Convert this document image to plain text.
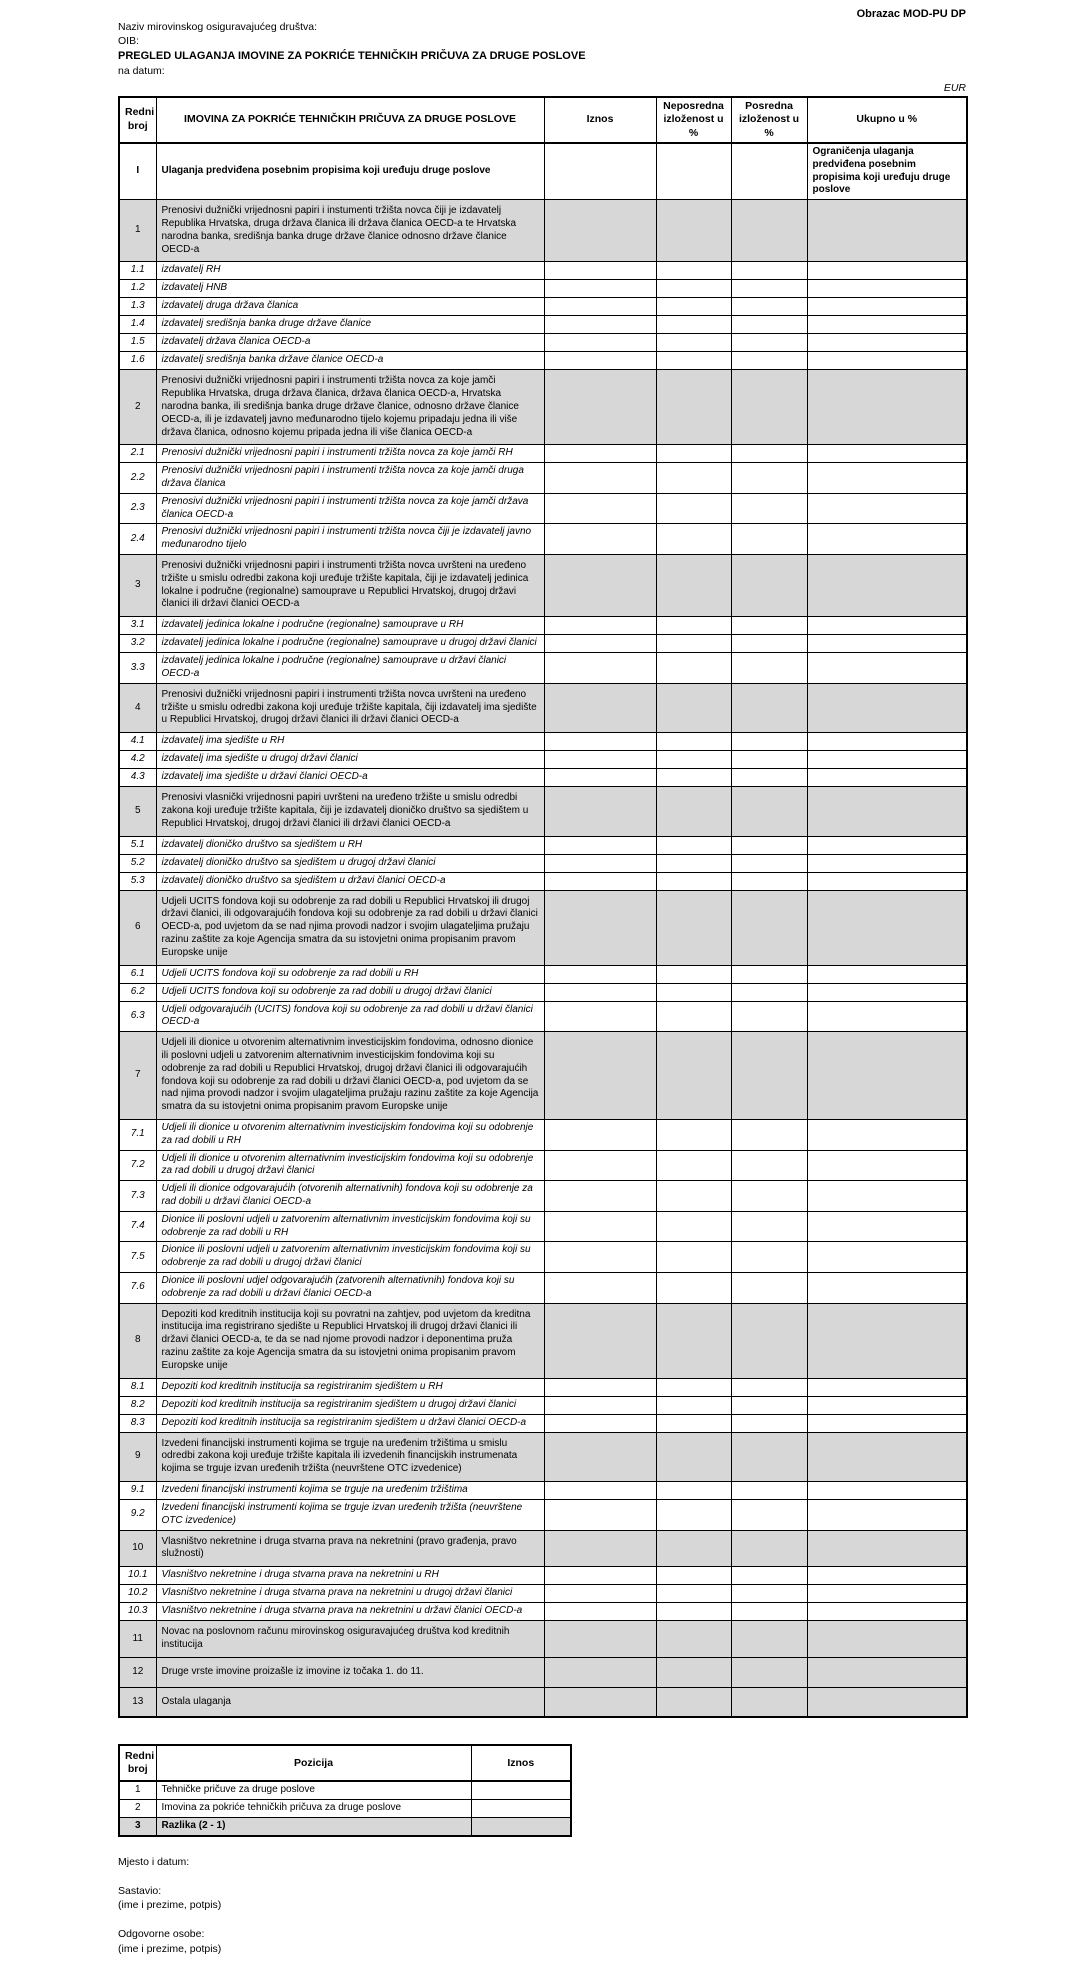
Obrazac MOD-PU DP
Naziv mirovinskog osiguravajućeg društva:
OIB:
PREGLED ULAGANJA IMOVINE ZA POKRIĆE TEHNIČKIH PRIČUVA ZA DRUGE POSLOVE
na datum:
EUR
Redni broj	IMOVINA ZA POKRIĆE TEHNIČKIH PRIČUVA ZA DRUGE POSLOVE	Iznos	Neposredna izloženost u %	Posredna izloženost u %	Ukupno u %
I	Ulaganja predviđena posebnim propisima koji uređuju druge poslove				Ograničenja ulaganja predviđena posebnim propisima koji uređuju druge poslove
1	Prenosivi dužnički vrijednosni papiri i instumenti tržišta novca čiji je izdavatelj Republika Hrvatska, druga država članica ili država članica OECD-a te Hrvatska narodna banka, središnja banka druge države članice odnosno države članice OECD-a				
1.1	izdavatelj RH				
1.2	izdavatelj HNB				
1.3	izdavatelj druga država članica				
1.4	izdavatelj središnja banka druge države članice				
1.5	izdavatelj država članica OECD-a				
1.6	izdavatelj središnja banka države članice OECD-a				
2	Prenosivi dužnički vrijednosni papiri i instrumenti tržišta novca za koje jamči Republika Hrvatska, druga država članica, država članica OECD-a, Hrvatska narodna banka, ili središnja banka druge države članice, odnosno države članice OECD-a, ili je izdavatelj javno međunarodno tijelo kojemu pripadaju jedna ili više država članica, odnosno kojemu pripada jedna ili više članica OECD-a				
2.1	Prenosivi dužnički vrijednosni papiri i instrumenti tržišta novca za koje jamči RH				
2.2	Prenosivi dužnički vrijednosni papiri i instrumenti tržišta novca za koje jamči druga država članica				
2.3	Prenosivi dužnički vrijednosni papiri i instrumenti tržišta novca za koje jamči država članica OECD-a				
2.4	Prenosivi dužnički vrijednosni papiri i instrumenti tržišta novca čiji je izdavatelj javno međunarodno tijelo				
3	Prenosivi dužnički vrijednosni papiri i instrumenti tržišta novca uvršteni na uređeno tržište u smislu odredbi zakona koji uređuje tržište kapitala, čiji je izdavatelj jedinica lokalne i područne (regionalne) samouprave u Republici Hrvatskoj, drugoj državi članici ili državi članici OECD-a				
3.1	izdavatelj jedinica lokalne i područne (regionalne) samouprave u RH				
3.2	izdavatelj jedinica lokalne i područne (regionalne) samouprave u drugoj državi članici				
3.3	izdavatelj jedinica lokalne i područne (regionalne) samouprave u državi članici OECD-a				
4	Prenosivi dužnički vrijednosni papiri i instrumenti tržišta novca uvršteni na uređeno tržište u smislu odredbi zakona koji uređuje tržište kapitala, čiji izdavatelj ima sjedište u Republici Hrvatskoj, drugoj državi članici ili državi članici OECD-a				
4.1	izdavatelj ima sjedište u RH				
4.2	izdavatelj ima sjedište u drugoj državi članici				
4.3	izdavatelj ima sjedište u državi članici OECD-a				
5	Prenosivi vlasnički vrijednosni papiri uvršteni na uređeno tržište u smislu odredbi zakona koji uređuje tržište kapitala, čiji je izdavatelj dioničko društvo sa sjedištem u Republici Hrvatskoj, drugoj državi članici ili državi članici OECD-a				
5.1	izdavatelj dioničko društvo sa sjedištem u RH				
5.2	izdavatelj dioničko društvo sa sjedištem u drugoj državi članici				
5.3	izdavatelj dioničko društvo sa sjedištem u državi članici OECD-a				
6	Udjeli UCITS fondova koji su odobrenje za rad dobili u Republici Hrvatskoj ili drugoj državi članici, ili odgovarajućih fondova koji su odobrenje za rad dobili u državi članici OECD-a, pod uvjetom da se nad njima provodi nadzor i svojim ulagateljima pružaju razinu zaštite za koje Agencija smatra da su istovjetni onima propisanim pravom Europske unije				
6.1	Udjeli UCITS fondova koji su odobrenje za rad dobili u RH				
6.2	Udjeli UCITS fondova koji su odobrenje za rad dobili u drugoj državi članici				
6.3	Udjeli odgovarajućih (UCITS) fondova koji su odobrenje za rad dobili u državi članici OECD-a				
7	Udjeli ili dionice u otvorenim alternativnim investicijskim fondovima, odnosno dionice ili poslovni udjeli u zatvorenim alternativnim investicijskim fondovima koji su odobrenje za rad dobili u Republici Hrvatskoj, drugoj državi članici ili odgovarajućih fondova koji su odobrenje za rad dobili u državi članici OECD-a, pod uvjetom da se nad njima provodi nadzor i svojim ulagateljima pružaju razinu zaštite za koje Agencija smatra da su istovjetni onima propisanim pravom Europske unije				
7.1	Udjeli ili dionice u otvorenim alternativnim investicijskim fondovima koji su odobrenje za rad dobili u RH				
7.2	Udjeli ili dionice u otvorenim alternativnim investicijskim fondovima koji su odobrenje za rad dobili u drugoj državi članici				
7.3	Udjeli ili dionice odgovarajućih (otvorenih alternativnih) fondova koji su odobrenje za rad dobili u državi članici OECD-a				
7.4	Dionice ili poslovni udjeli u zatvorenim alternativnim investicijskim fondovima koji su odobrenje za rad dobili u RH				
7.5	Dionice ili poslovni udjeli u zatvorenim alternativnim investicijskim fondovima koji su odobrenje za rad dobili u drugoj državi članici				
7.6	Dionice ili poslovni udjel odgovarajućih (zatvorenih alternativnih) fondova koji su odobrenje za rad dobili u državi članici OECD-a				
8	Depoziti kod kreditnih institucija koji su povratni na zahtjev, pod uvjetom da kreditna institucija ima registrirano sjedište u Republici Hrvatskoj ili drugoj državi članici ili državi članici OECD-a, te da se nad njome provodi nadzor i deponentima pruža razinu zaštite za koje Agencija smatra da su istovjetni onima propisanim pravom Europske unije				
8.1	Depoziti kod kreditnih institucija sa registriranim sjedištem u RH				
8.2	Depoziti kod kreditnih institucija sa registriranim sjedištem u drugoj državi članici				
8.3	Depoziti kod kreditnih institucija sa registriranim sjedištem u državi članici OECD-a				
9	Izvedeni financijski instrumenti kojima se trguje na uređenim tržištima u smislu odredbi zakona koji uređuje tržište kapitala ili izvedenih financijskih instrumenata kojima se trguje izvan uređenih tržišta (neuvrštene OTC izvedenice)				
9.1	Izvedeni financijski instrumenti kojima se trguje na uređenim tržištima				
9.2	Izvedeni financijski instrumenti kojima se trguje izvan uređenih tržišta (neuvrštene OTC izvedenice)				
10	Vlasništvo nekretnine i druga stvarna prava na nekretnini (pravo građenja, pravo služnosti)				
10.1	Vlasništvo nekretnine i druga stvarna prava na nekretnini u RH				
10.2	Vlasništvo nekretnine i druga stvarna prava na nekretnini u drugoj državi članici				
10.3	Vlasništvo nekretnine i druga stvarna prava na nekretnini u državi članici OECD-a				
11	Novac na poslovnom računu mirovinskog osiguravajućeg društva kod kreditnih institucija				
12	Druge vrste imovine proizašle iz imovine iz točaka 1. do 11.				
13	Ostala ulaganja				
Redni broj	Pozicija	Iznos
1	Tehničke pričuve za druge poslove	
2	Imovina za pokriće tehničkih pričuva za druge poslove	
3	Razlika (2 - 1)	
Mjesto i datum:
Sastavio:
(ime i prezime, potpis)
Odgovorne osobe:
(ime i prezime, potpis)
